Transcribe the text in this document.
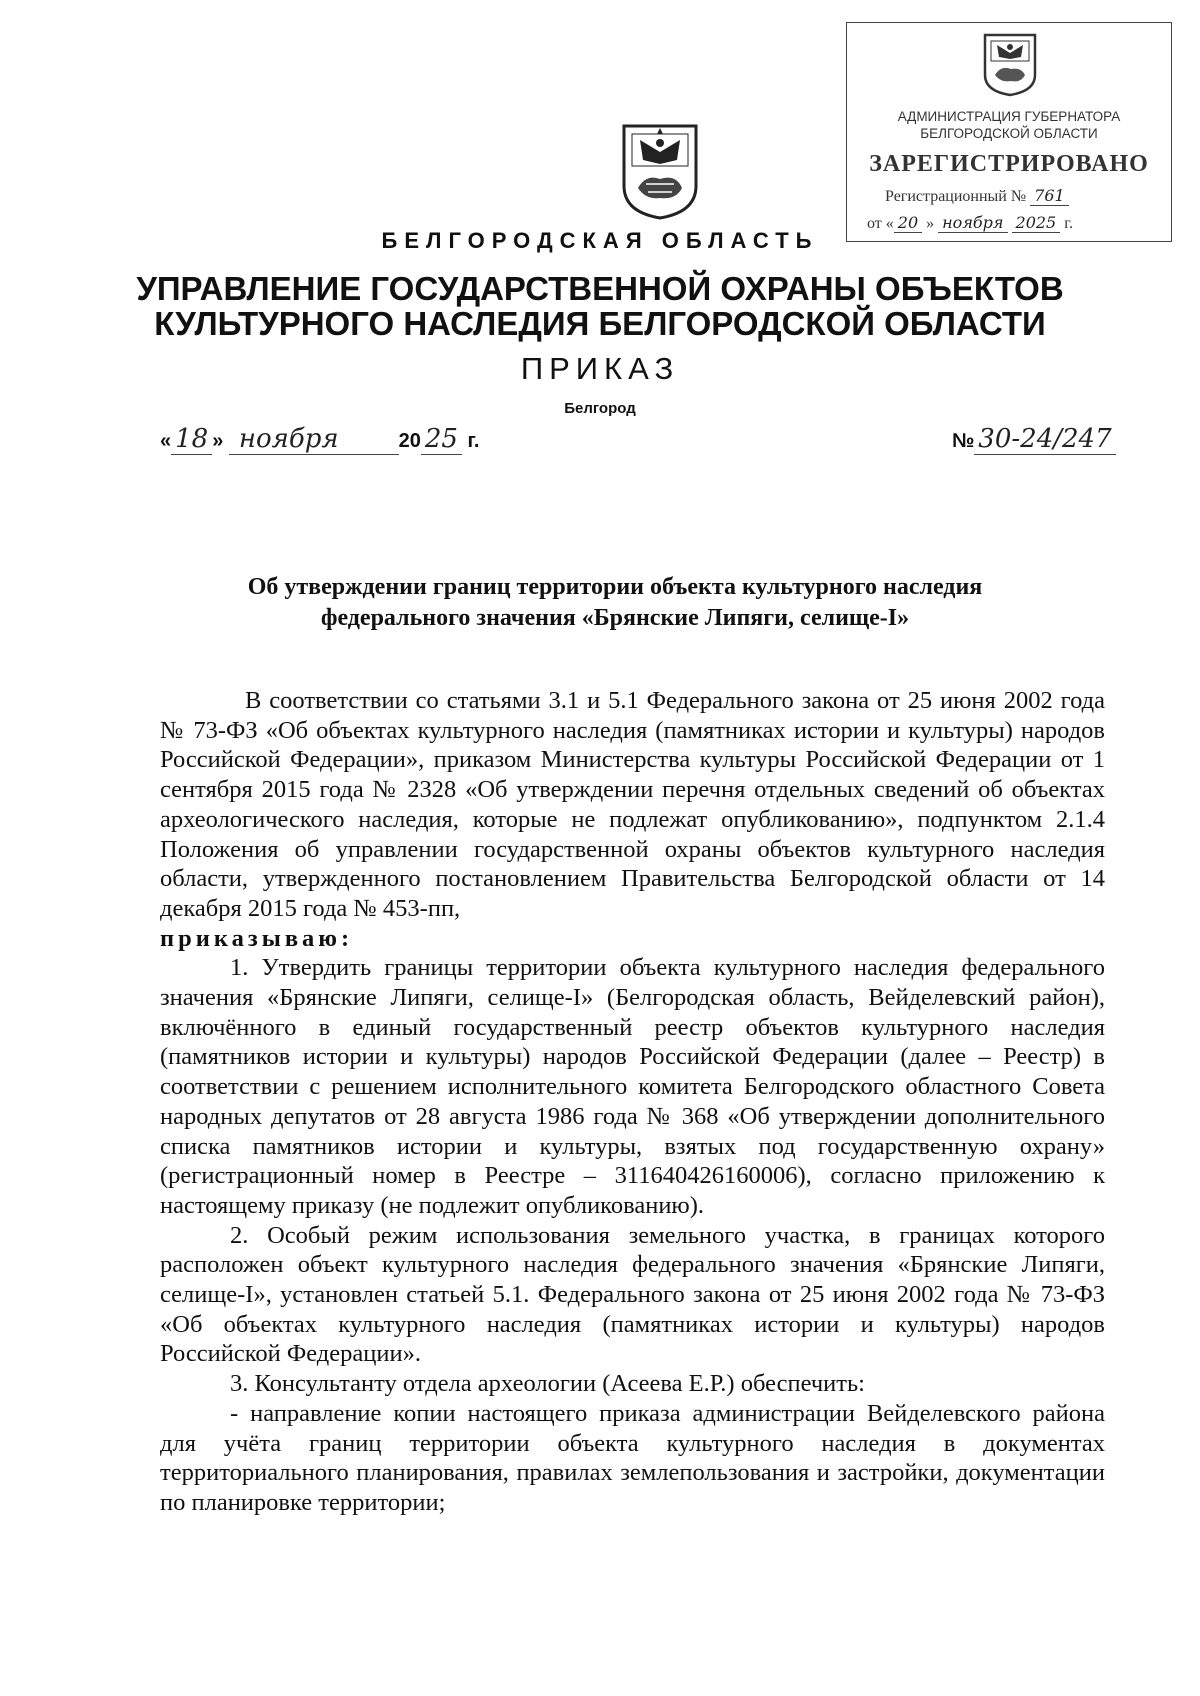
АДМИНИСТРАЦИЯ ГУБЕРНАТОРА
БЕЛГОРОДСКОЙ ОБЛАСТИ
ЗАРЕГИСТРИРОВАНО
Регистрационный № 761
от « 20 » ноября 2025 г.
БЕЛГОРОДСКАЯ ОБЛАСТЬ
УПРАВЛЕНИЕ ГОСУДАРСТВЕННОЙ ОХРАНЫ ОБЪЕКТОВ
КУЛЬТУРНОГО НАСЛЕДИЯ БЕЛГОРОДСКОЙ ОБЛАСТИ
ПРИКАЗ
Белгород
« 18 » ноября	20 25 г.	№ 30-24/247
Об утверждении границ территории объекта культурного наследия
федерального значения «Брянские Липяги, селище-I»

В соответствии со статьями 3.1 и 5.1 Федерального закона от 25 июня 2002 года № 73-ФЗ «Об объектах культурного наследия (памятниках истории и культуры) народов Российской Федерации», приказом Министерства культуры Российской Федерации от 1 сентября 2015 года № 2328 «Об утверждении перечня отдельных сведений об объектах археологического наследия, которые не подлежат опубликованию», подпунктом 2.1.4 Положения об управлении государственной охраны объектов культурного наследия области, утвержденного постановлением Правительства Белгородской области от 14 декабря 2015 года № 453-пп,

приказываю:

1. Утвердить границы территории объекта культурного наследия федерального значения «Брянские Липяги, селище-I» (Белгородская область, Вейделевский район), включённого в единый государственный реестр объектов культурного наследия (памятников истории и культуры) народов Российской Федерации (далее – Реестр) в соответствии с решением исполнительного комитета Белгородского областного Совета народных депутатов от 28 августа 1986 года № 368 «Об утверждении дополнительного списка памятников истории и культуры, взятых под государственную охрану» (регистрационный номер в Реестре – 311640426160006), согласно приложению к настоящему приказу (не подлежит опубликованию).

2. Особый режим использования земельного участка, в границах которого расположен объект культурного наследия федерального значения «Брянские Липяги, селище-I», установлен статьей 5.1. Федерального закона от 25 июня 2002 года № 73-ФЗ «Об объектах культурного наследия (памятниках истории и культуры) народов Российской Федерации».

3. Консультанту отдела археологии (Асеева Е.Р.) обеспечить:

- направление копии настоящего приказа администрации Вейделевского района для учёта границ территории объекта культурного наследия в документах территориального планирования, правилах землепользования и застройки, документации по планировке территории;
